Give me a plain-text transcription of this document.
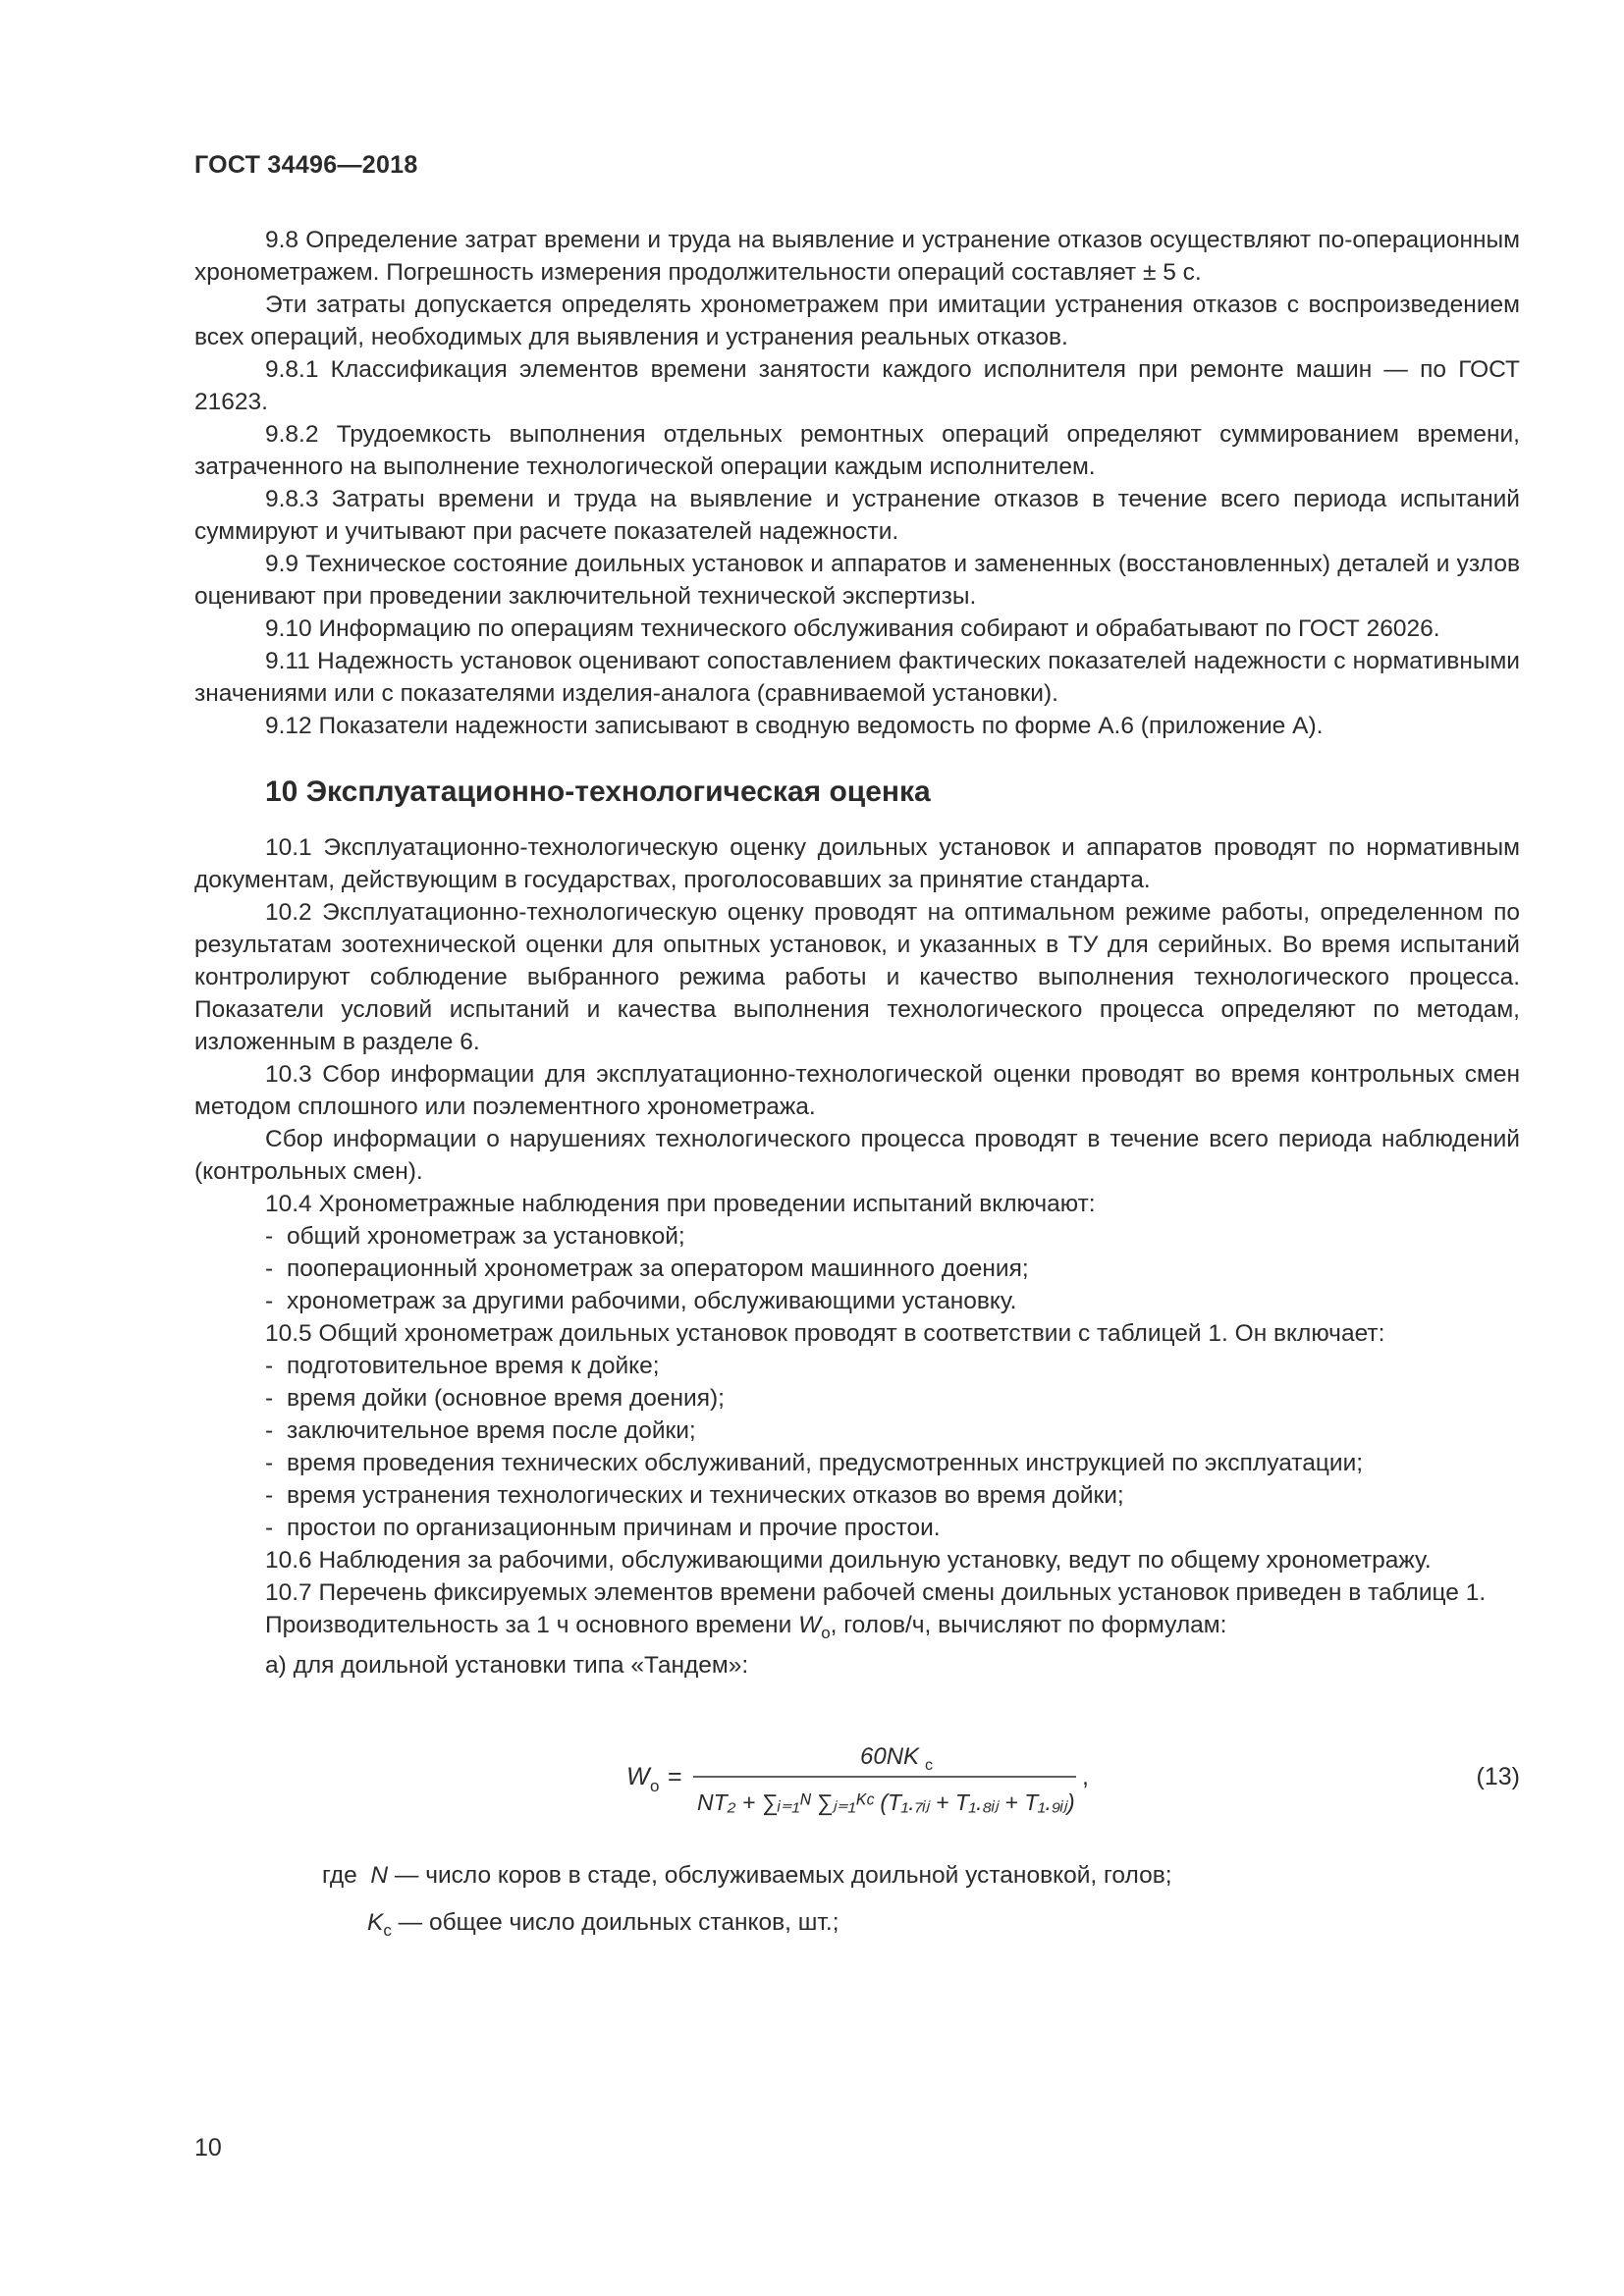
ГОСТ 34496—2018

9.8 Определение затрат времени и труда на выявление и устранение отказов осуществляют по-операционным хронометражем. Погрешность измерения продолжительности операций составляет ± 5 с.

Эти затраты допускается определять хронометражем при имитации устранения отказов с воспроизведением всех операций, необходимых для выявления и устранения реальных отказов.

9.8.1 Классификация элементов времени занятости каждого исполнителя при ремонте машин — по ГОСТ 21623.

9.8.2 Трудоемкость выполнения отдельных ремонтных операций определяют суммированием времени, затраченного на выполнение технологической операции каждым исполнителем.

9.8.3 Затраты времени и труда на выявление и устранение отказов в течение всего периода испытаний суммируют и учитывают при расчете показателей надежности.

9.9 Техническое состояние доильных установок и аппаратов и замененных (восстановленных) деталей и узлов оценивают при проведении заключительной технической экспертизы.

9.10 Информацию по операциям технического обслуживания собирают и обрабатывают по ГОСТ 26026.

9.11 Надежность установок оценивают сопоставлением фактических показателей надежности с нормативными значениями или с показателями изделия-аналога (сравниваемой установки).

9.12 Показатели надежности записывают в сводную ведомость по форме А.6 (приложение А).

10 Эксплуатационно-технологическая оценка

10.1 Эксплуатационно-технологическую оценку доильных установок и аппаратов проводят по нормативным документам, действующим в государствах, проголосовавших за принятие стандарта.

10.2 Эксплуатационно-технологическую оценку проводят на оптимальном режиме работы, определенном по результатам зоотехнической оценки для опытных установок, и указанных в ТУ для серийных. Во время испытаний контролируют соблюдение выбранного режима работы и качество выполнения технологического процесса. Показатели условий испытаний и качества выполнения технологического процесса определяют по методам, изложенным в разделе 6.

10.3 Сбор информации для эксплуатационно-технологической оценки проводят во время контрольных смен методом сплошного или поэлементного хронометража.

Сбор информации о нарушениях технологического процесса проводят в течение всего периода наблюдений (контрольных смен).

10.4 Хронометражные наблюдения при проведении испытаний включают:

- общий хронометраж за установкой;

- пооперационный хронометраж за оператором машинного доения;

- хронометраж за другими рабочими, обслуживающими установку.

10.5 Общий хронометраж доильных установок проводят в соответствии с таблицей 1. Он включает:

- подготовительное время к дойке;

- время дойки (основное время доения);

- заключительное время после дойки;

- время проведения технических обслуживаний, предусмотренных инструкцией по эксплуатации;

- время устранения технологических и технических отказов во время дойки;

- простои по организационным причинам и прочие простои.

10.6 Наблюдения за рабочими, обслуживающими доильную установку, ведут по общему хронометражу.

10.7 Перечень фиксируемых элементов времени рабочей смены доильных установок приведен в таблице 1.

Производительность за 1 ч основного времени $W_о$, голов/ч, вычисляют по формулам:

а) для доильной установки типа «Тандем»:

W о =
60NK с
NT₂ + ∑ᵢ₌₁ᴺ ∑ⱼ₌₁ᴷᶜ (T₁.₇ᵢⱼ + T₁.₈ᵢⱼ + T₁.₉ᵢⱼ)
,	(13)

где N — число коров в стаде, обслуживаемых доильной установкой, голов;

$K_с$ — общее число доильных станков, шт.;

10
